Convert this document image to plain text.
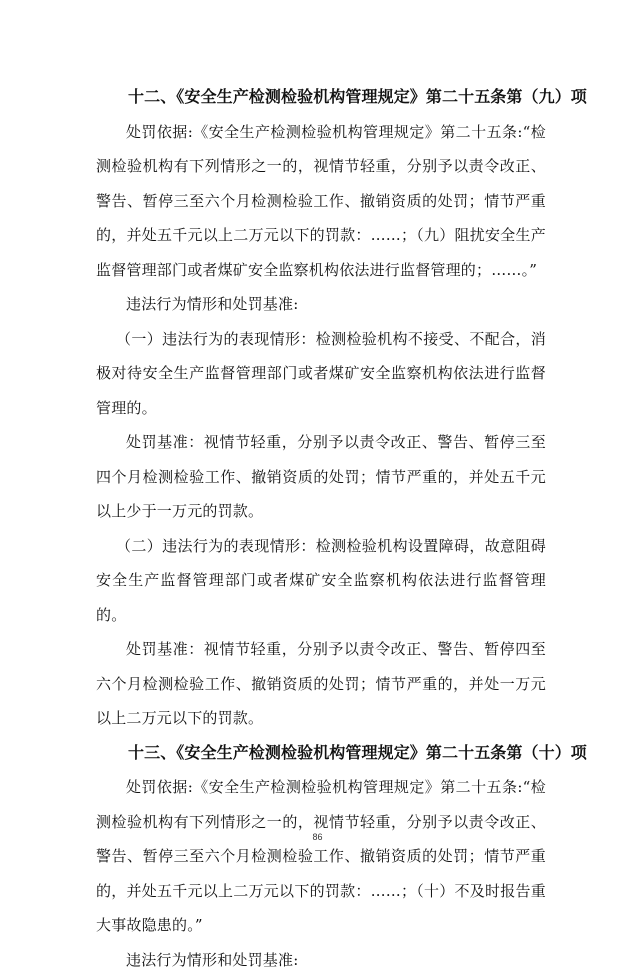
十二、《安全生产检测检验机构管理规定》第二十五条第（九）项

处罚依据:《安全生产检测检验机构管理规定》第二十五条:“检测检验机构有下列情形之一的，视情节轻重，分别予以责令改正、警告、暂停三至六个月检测检验工作、撤销资质的处罚；情节严重的，并处五千元以上二万元以下的罚款：……；（九）阻扰安全生产监督管理部门或者煤矿安全监察机构依法进行监督管理的；……。”

违法行为情形和处罚基准:

（一）违法行为的表现情形：检测检验机构不接受、不配合，消极对待安全生产监督管理部门或者煤矿安全监察机构依法进行监督管理的。

处罚基准：视情节轻重，分别予以责令改正、警告、暂停三至四个月检测检验工作、撤销资质的处罚；情节严重的，并处五千元以上少于一万元的罚款。

（二）违法行为的表现情形：检测检验机构设置障碍，故意阻碍安全生产监督管理部门或者煤矿安全监察机构依法进行监督管理的。

处罚基准：视情节轻重，分别予以责令改正、警告、暂停四至六个月检测检验工作、撤销资质的处罚；情节严重的，并处一万元以上二万元以下的罚款。

十三、《安全生产检测检验机构管理规定》第二十五条第（十）项

处罚依据:《安全生产检测检验机构管理规定》第二十五条:“检测检验机构有下列情形之一的，视情节轻重，分别予以责令改正、警告、暂停三至六个月检测检验工作、撤销资质的处罚；情节严重的，并处五千元以上二万元以下的罚款：……；（十）不及时报告重大事故隐患的。”

违法行为情形和处罚基准:

86
